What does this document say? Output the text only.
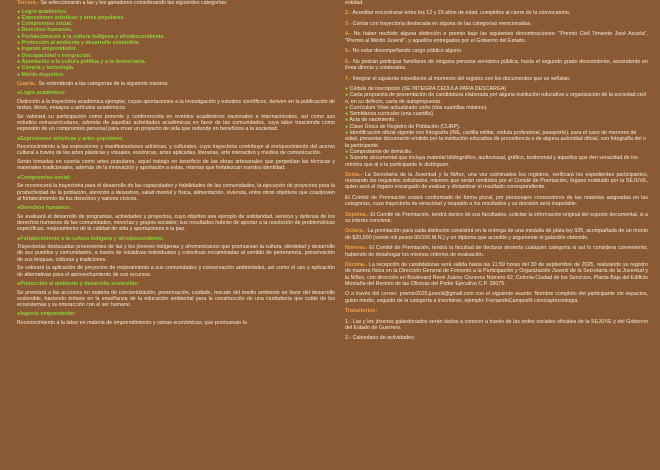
Tercera.- Se seleccionarán a las y los ganadores considerando las siguientes categorías:

● Logro académico.
● Expresiones artísticas y artes populares.
● Compromiso social.
● Derechos humanos.
● Fortalecimiento a la cultura indígena y afrodescendiente.
● Protección al ambiente y desarrollo sostenible.
● Ingenio emprendedor.
● Discapacidad e integración.
● Aportación a la cultura política y a la democracia.
● Ciencia y tecnología.
● Mérito deportivo.

Cuarta.- Se entenderán a las categorías de la siguiente manera:

●Logro académico:

Distinción a la trayectoria académica ejemplar, cuyas aportaciones a la investigación y estudios científicos, deriven en la publicación de textos, libros, ensayos o artículos académicos.

Se valorará su participación como ponente y conferencista en eventos académicos nacionales e internacionales, así como sus estudios extracurriculares, además de aquellas actividades académicas en favor de las comunidades, cuya labor trascienda como expresión de un compromiso personal para crear un proyecto de vida que redunde en beneficios a la sociedad.

●Expresiones artísticas y artes populares:

Reconocimiento a las expresiones y manifestaciones artísticas, y culturales, cuya trayectoria contribuye al enriquecimiento del acervo cultural a través de las artes plásticas y visuales, escénicas, artes aplicadas, literarias, arte interactivo y medios de comunicación.

Serán tomadas en cuenta como artes populares, aquel trabajo en beneficio de las obras artesanales que perpetúan las técnicas y materiales tradicionales, además de la innovación y aportación a estas, mismas que fortalezcan nuestra identidad.

●Compromiso social:

Se reconocerá la trayectoria para el desarrollo de las capacidades y habilidades de las comunidades, la ejecución de proyectos para la productividad de la población, atención a desastres, salud mental y física, alimentación, vivienda, entre otros objetivos que coadyuven al fortalecimiento de los derechos y valores cívicos.

●Derechos humanos:

Se evaluará el desarrollo de programas, actividades y proyectos, cuyo objetivo sea ejemplo de solidaridad, servicio y defensa de los derechos humanos de las comunidades, minorías y grupos sociales; sus resultados habrán de aportar a la resolución de problemáticas específicas, mejoramiento de la calidad de vida y aportaciones a la paz.

●Fortalecimiento a la cultura indígena y afrodescendiente:

Trayectorias destacadas provenientes de las y los jóvenes indígenas y afromexicanos que promuevan la cultura, identidad y desarrollo de sus pueblos y comunidades, a través de iniciativas individuales y colectivas encaminadas al sentido de pertenencia, preservación de sus lenguas, culturas y tradiciones.

Se valorará la aplicación de proyectos de mejoramiento a sus comunidades y conservación ambientales, así como el uso y aplicación de alternativas para el aprovechamiento de sus recursos.

●Protección al ambiente y desarrollo sostenible:

Se premiará a las acciones en materia de concientización, preservación, cuidado, rescate del medio ambiente en favor del desarrollo sostenible, haciendo énfasis en la enseñanza de la educación ambiental para la construcción de una ciudadanía que cuide de los ecosistemas y su interacción con el ser humano.

●Ingenio emprendedor:

Reconocimiento a la labor en materia de emprendimiento y ramas económicas, que promuevan la

entidad.

2.- Acreditar encontrarse entre los 12 y 29 años de edad, cumplidos al cierre de la convocatoria.

3.- Contar con trayectoria destacada en alguna de las categorías mencionadas.

4.- No haber recibido alguna distinción o premio bajo las siguientes denominaciones: "Premio Civil Teniente José Azueta", "Premio al Mérito Juvenil", y aquellos entregados por el Gobierno del Estado.

5.- No estar desempeñando cargo público alguno.

6.- No podrán participar familiares de ninguna persona servidora pública, hasta el segundo grado descendente, ascendente en línea directa y colaterales.

7.- Integrar el siguiente expediente al momento del registro con los documentos que se señalan:

● Cédula de inscripción (SE INTEGRA CÉDULA PARA DESCARGA)
● Carta propuesta de presentación de candidatura elaborada por alguna institución educativa u organización de la sociedad civil o, en su defecto, carta de autopropuesta.
● Currículum Vitae actualizado corto (dos cuartillas máximo).
● Semblanza curricular (una cuartilla).
● Acta de nacimiento.
● Clave Única de Registro de Población (CURP).
● Identificación oficial vigente con fotografía (INE, cartilla militar, cédula profesional, pasaporte), para el caso de menores de edad, presentar documento emitido por la institución educativa de procedencia o de alguna autoridad oficial, con fotografía del o la participante.
● Comprobante de domicilio.
● Soporte documental que incluya material bibliográfico, audiovisual, gráfico, testimonial y aquellos que den veracidad de los méritos que al o la participante le distinguen.

Sexta.- La Secretaría de la Juventud y la Niñez, una vez culminados los registros, verificará los expedientes participantes, revisando los requisitos solicitados, mismos que serán remitidos por el Comité de Premiación, órgano instituido por la SEJUVE, quien será el órgano encargado de evaluar y dictaminar el resultado correspondiente.

El Comité de Premiación estará conformado de forma plural, por personajes conocedores de las materias asignadas en las categorías, cuya trayectoria de veracidad y respaldo a los resultados y su decisión será inapelable.

Séptima.- El Comité de Premiación, tendrá dentro de sus facultades, solicitar la información original del soporte documental, si a su interés conviene.

Octava.- La premiación para cada distinción consistirá en la entrega de una medalla de plata ley 925, acompañada de un monto de $20,000 (veinte mil pesos 00/100 M.N.) y un diploma que acredite y argumente el galardón obtenido.

Novena.- El Comité de Premiación, tendrá la facultad de declarar desierta cualquier categoría si así lo considera conveniente, habiendo de desahogar los mismos criterios de evaluación.

Décima.- La recepción de candidaturas será válida hasta las 11:59 horas del 30 de septiembre de 2025, realizando su registro de manera física en la Dirección General de Fomento a la Participación y Organización Juvenil de la Secretaría de la Juventud y la Niñez, con dirección en Boulevard René Juárez Cisneros Número 62, Colonia Ciudad de los Servicios, Planta Baja del Edificio Montaña del Recinto de las Oficinas del Poder Ejecutivo C.P. 39075.

O a través del correo: premio2025.juvenil@gmail.com con el siguiente asunto: Nombre completo del participante sin espacios, guion medio, seguido de la categoría a inscribirse, ejemplo: FernandoCamposN-cienciaytecnologia.

Transitorios:

1.- Las y los jóvenes galardonados serán dados a conocer a través de las redes sociales oficiales de la SEJUVE y del Gobierno del Estado de Guerrero.

2.- Calendario de actividades:
